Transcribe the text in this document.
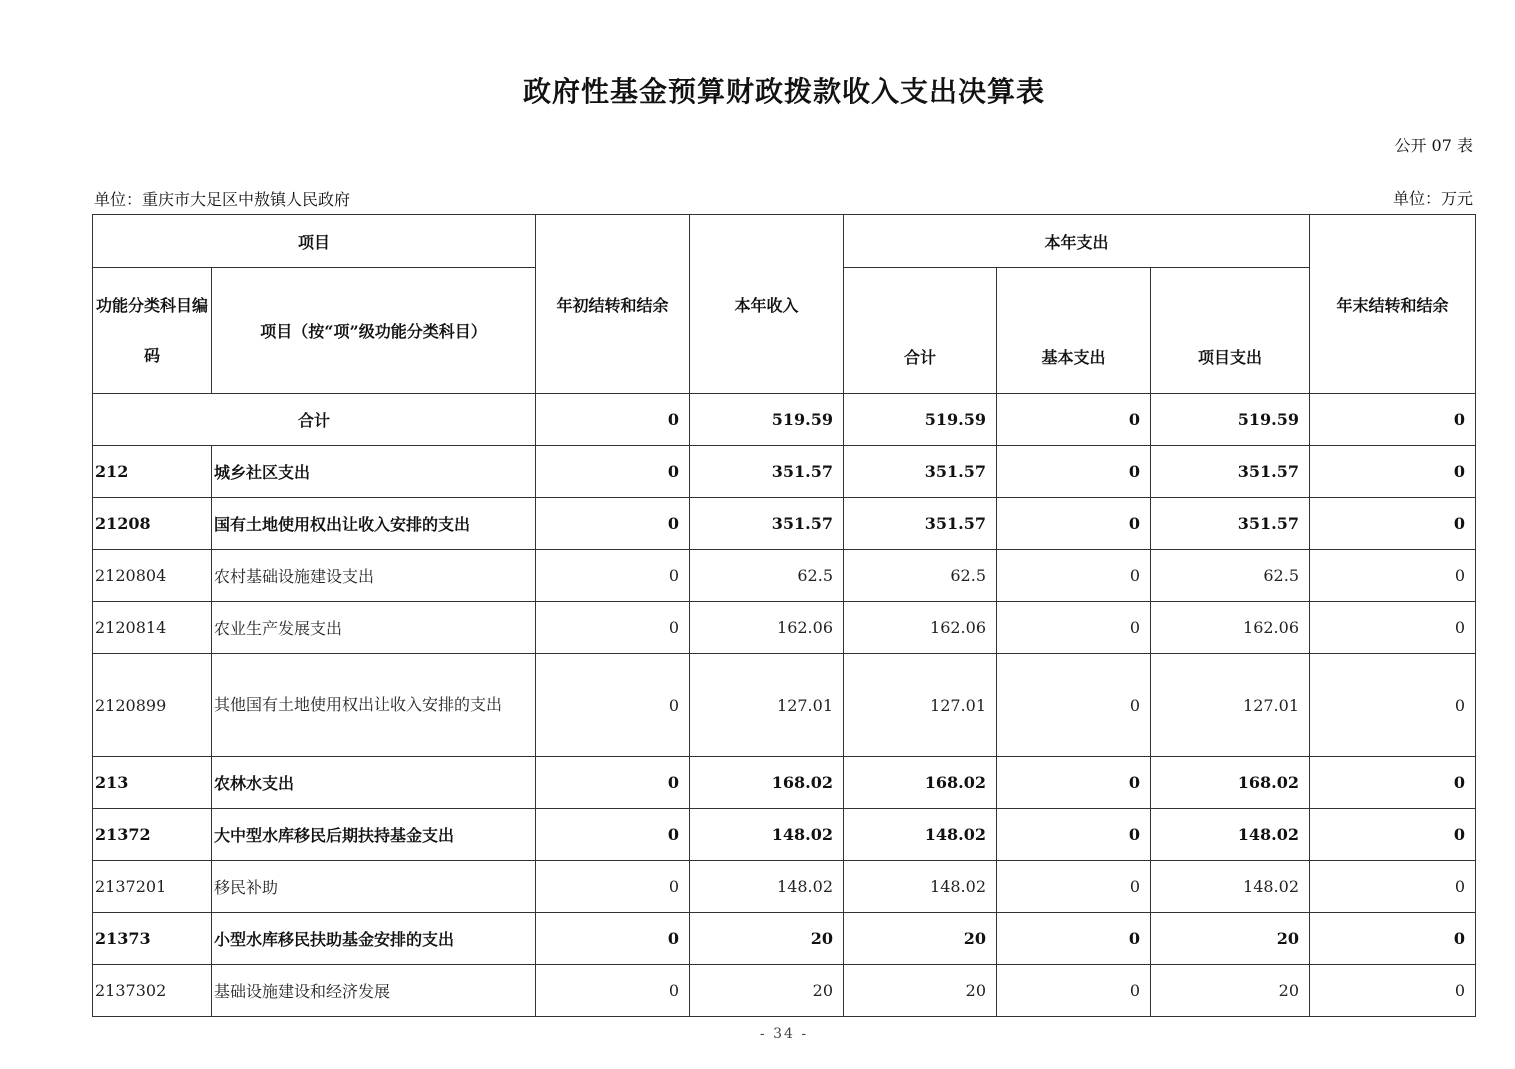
政府性基金预算财政拨款收入支出决算表
公开 07 表
单位：重庆市大足区中敖镇人民政府	单位：万元
项目		年初结转和结余	本年收入	本年支出			年末结转和结余

功能分类科目编码	项目（按“项”级功能分类科目）			合计	基本支出	项目支出	
合计		0	519.59	519.59	0	519.59	0
212	城乡社区支出	0	351.57	351.57	0	351.57	0
21208	国有土地使用权出让收入安排的支出	0	351.57	351.57	0	351.57	0
2120804	农村基础设施建设支出	0	62.5	62.5	0	62.5	0
2120814	农业生产发展支出	0	162.06	162.06	0	162.06	0
2120899	其他国有土地使用权出让收入安排的支出	0	127.01	127.01	0	127.01	0
213	农林水支出	0	168.02	168.02	0	168.02	0
21372	大中型水库移民后期扶持基金支出	0	148.02	148.02	0	148.02	0
2137201	移民补助	0	148.02	148.02	0	148.02	0
21373	小型水库移民扶助基金安排的支出	0	20	20	0	20	0
2137302	基础设施建设和经济发展	0	20	20	0	20	0
- 34 -
